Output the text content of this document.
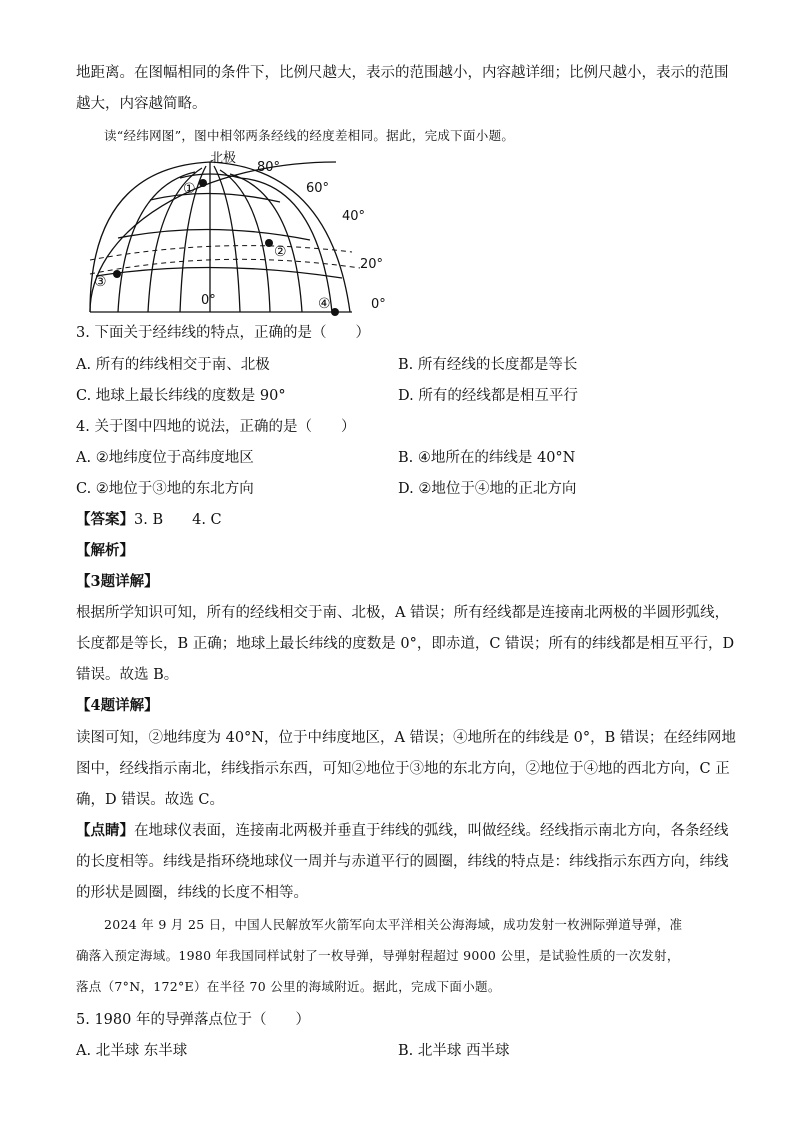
地距离。在图幅相同的条件下，比例尺越大，表示的范围越小，内容越详细；比例尺越小，表示的范围
越大，内容越简略。
读“经纬网图”，图中相邻两条经线的经度差相同。据此，完成下面小题。
北极
80°
60°
40°
20°
0°
0°
①
②
③
④
3. 下面关于经纬线的特点，正确的是（　　）
A. 所有的纬线相交于南、北极	B. 所有经线的长度都是等长
C. 地球上最长纬线的度数是 90°	D. 所有的经线都是相互平行
4. 关于图中四地的说法，正确的是（　　）
A. ②地纬度位于高纬度地区	B. ④地所在的纬线是 40°N
C. ②地位于③地的东北方向	D. ②地位于④地的正北方向
【答案】3. B　　4. C
【解析】
【3题详解】
根据所学知识可知，所有的经线相交于南、北极，A 错误；所有经线都是连接南北两极的半圆形弧线，
长度都是等长，B 正确；地球上最长纬线的度数是 0°，即赤道，C 错误；所有的纬线都是相互平行，D
错误。故选 B。
【4题详解】
读图可知，②地纬度为 40°N，位于中纬度地区，A 错误；④地所在的纬线是 0°，B 错误；在经纬网地
图中，经线指示南北，纬线指示东西，可知②地位于③地的东北方向，②地位于④地的西北方向，C 正
确，D 错误。故选 C。
【点睛】在地球仪表面，连接南北两极并垂直于纬线的弧线，叫做经线。经线指示南北方向，各条经线
的长度相等。纬线是指环绕地球仪一周并与赤道平行的圆圈，纬线的特点是：纬线指示东西方向，纬线
的形状是圆圈，纬线的长度不相等。
2024 年 9 月 25 日，中国人民解放军火箭军向太平洋相关公海海域，成功发射一枚洲际弹道导弹，准
确落入预定海域。1980 年我国同样试射了一枚导弹，导弹射程超过 9000 公里，是试验性质的一次发射，
落点（7°N，172°E）在半径 70 公里的海域附近。据此，完成下面小题。
5. 1980 年的导弹落点位于（　　）
A. 北半球 东半球	B. 北半球 西半球
